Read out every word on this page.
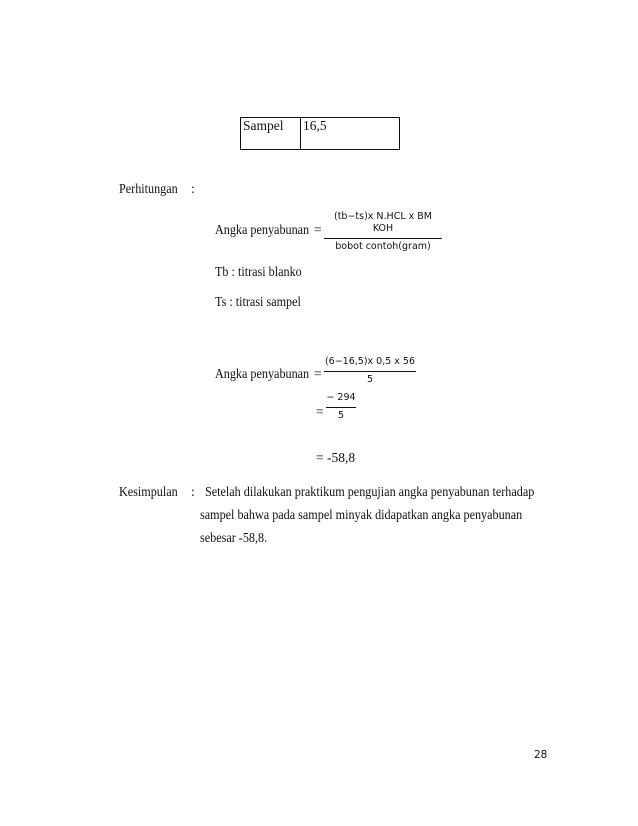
Sampel	16,5
Perhitungan :
Angka penyabunan =
(tb−ts)x N.HCL x BM KOH
bobot contoh(gram)
Tb : titrasi blanko
Ts : titrasi sampel
Angka penyabunan =
(6−16,5)x 0,5 x 56
5
=
− 294
5
= -58,8
Kesimpulan : Setelah dilakukan praktikum pengujian angka penyabunan terhadap
sampel bahwa pada sampel minyak didapatkan angka penyabunan
sebesar -58,8.
28
